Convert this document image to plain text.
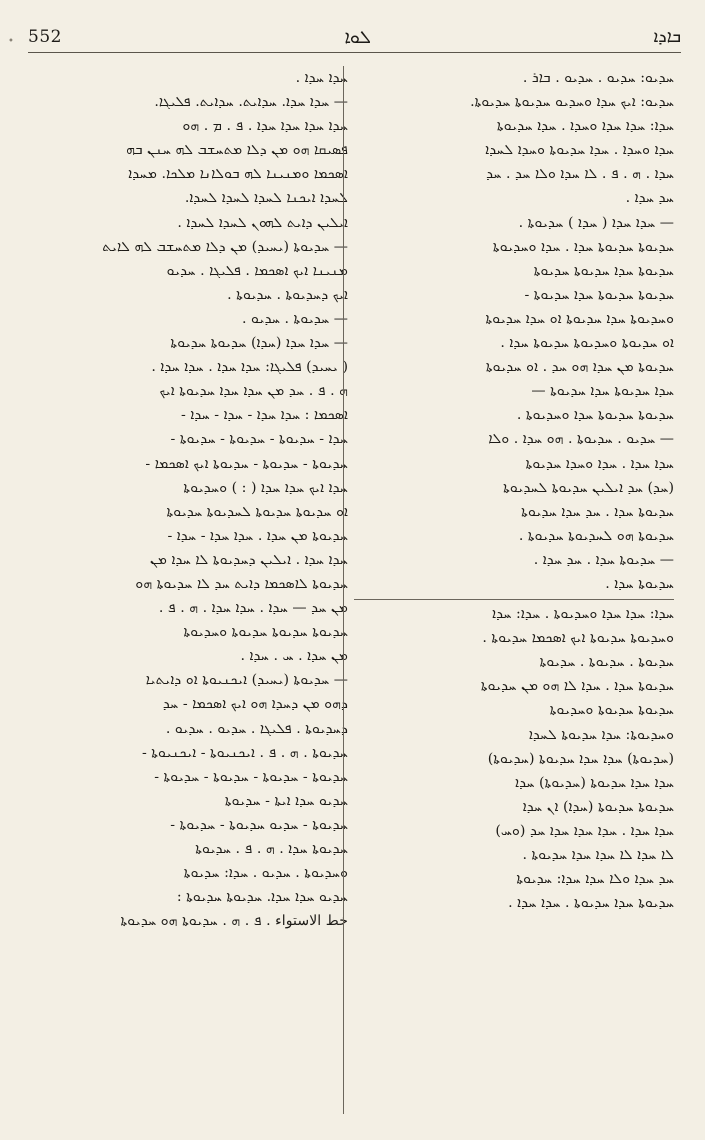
• 552	ܠܘܐ	ܒܐܕܐ
ܚܕܐ ܚܕܐ .
— ܚܕܐ ܚܕܐ. ܚܕܐܝܬ. ܚܕܐܝܬ. ܦܠܝܓܐ.
ܚܕܐ ܚܕܐ ܚܕܐ ܚܕܐ . ܦ . ܡ . ܗܘ
ܦܣܝܩܐ ܗܘ ܡܢ ܕܠܐ ܡܬܚܫܒ ܠܗ ܚܢܢ ܒܗ
ܐܣܟܡܐ ܘܡܢܝܢܐ ܠܗ ܒܘܠܐܢܐ ܡܠܟܐ. ܡܚܕܐ
ܠܚܕܐ ܐܝܟܢܐ ܠܚܕܐ ܠܚܕܐ ܠܚܕܐ.
ܐܝܠܝܢ ܕܐܝܬ ܠܗܘܢ ܠܚܕܐ ܠܚܕܐ .
— ܚܕܝܘܬܐ (ܝܚܝܕ) ܡܢ ܕܠܐ ܡܬܚܫܒ ܠܗ ܠܐܝܬ
ܡܢܝܢܐ ܐܝܟ ܐܣܟܡܐ . ܦܠܝܓܐ . ܚܕܝܘ
ܐܝܟ ܕܚܕܝܘܬܐ . ܚܕܝܘܬܐ .
— ܚܕܝܘܬܐ . ܚܕܝܘ .
— ܚܕܐ ܚܕܐ (ܚܕܐ) ܚܕܝܘܬܐ ܚܕܝܘܬܐ
( ܝܚܝܕ) ܦܠܝܓܐ: ܚܕܐ ܚܕܐ . ܚܕܐ ܚܕܐ .
ܗ . ܦ . ܚܕ ܡܢ ܚܕܐ ܚܕܐ ܚܕܝܘܬܐ ܐܝܟ
ܐܣܟܡܐ : ܚܕܐ ܚܕܐ - ܚܕܐ - ܚܕܐ -
ܚܕܐ - ܚܕܝܘܬܐ - ܚܕܝܘܬܐ - ܚܕܝܘܬܐ -
ܚܕܝܘܬܐ - ܚܕܝܘܬܐ - ܚܕܝܘܬܐ ܐܝܟ ܐܣܟܡܐ -
ܚܕܐ ܐܝܟ ܚܕܐ ܚܕܐ ( : ) ܘܚܕܝܘܬܐ
ܐܘ ܚܕܝܘܬܐ ܚܕܝܘܬܐ ܠܚܕܝܘܬܐ ܚܕܝܘܬܐ
ܚܕܝܘܬܐ ܡܢ ܚܕܐ . ܚܕܐ ܚܕܐ - ܚܕܐ -
ܚܕܐ ܚܕܐ . ܐܝܠܝܢ ܕܚܕܝܘܬܐ ܠܐ ܚܕܐ ܡܢ
ܚܕܝܘܬܐ ܠܐܣܟܡܐ ܕܐܝܬ ܚܕ ܠܐ ܚܕܝܘܬܐ ܗܘ
ܡܢ ܚܕ — ܚܕܐ . ܚܕܐ ܚܕܐ . ܗ . ܦ .
ܚܕܝܘܬܐ ܚܕܝܘܬܐ ܚܕܝܘܬܐ ܘܚܕܝܘܬܐ
ܡܢ ܚܕܐ . ܚ . ܚܕܐ .
— ܚܕܝܘܬܐ (ܝܚܝܕ) ܐܝܟܢܝܘܬܐ ܐܘ ܕܐܝܬܝܐ
ܕܗܘ ܡܢ ܕܚܕܐ ܗܘ ܐܝܟ ܐܣܟܡܐ - ܚܕ
ܕܚܕܝܘܬܐ . ܦܠܝܓܐ . ܚܕܝܘ . ܚܕܝܘ .
ܚܕܝܘܬܐ . ܗ . ܦ . ܐܝܟܢܝܘܬܐ - ܐܝܟܢܝܘܬܐ -
ܚܕܝܘܬܐ - ܚܕܝܘܬܐ - ܚܕܝܘܬܐ - ܚܕܝܘܬܐ -
ܚܕܝܘ ܚܕܐ ܐܝܬܐ - ܚܕܝܘܬܐ
ܚܕܝܘܬܐ - ܚܕܝܘ ܚܕܝܘܬܐ - ܚܕܝܘܬܐ -
ܚܕܝܘܬܐ ܚܕܐ . ܗ . ܦ . ܚܕܝܘܬܐ
ܘܚܕܝܘܬܐ . ܚܕܝܘ . ܚܕܐ: ܚܕܝܘܬܐ
ܚܕܝܘ ܚܕܐ ܚܕܐ. ܚܕܝܘܬܐ ܚܕܝܘܬܐ :
خط الاستواء . ܦ . ܗ . ܚܕܝܘܬܐ ܗܘ ܚܕܝܘܬܐ
ܚܕܝܘ: ܚܕܝܘ . ܚܕܝܘ . ܒܐܪ .
ܚܕܝܘ: ܐܝܟ ܚܕܐ ܘܚܕܝܘ ܚܕܝܘܬܐ ܚܕܝܘܬܐ.
ܚܕܐ: ܚܕܐ ܚܕܐ ܘܚܕܐ . ܚܕܐ ܚܕܝܘܬܐ
ܚܕܐ ܘܚܕܐ . ܚܕܐ ܚܕܝܘܬܐ ܘܚܕܐ ܠܚܕܐ
ܚܕܐ . ܗ . ܦ . ܠܐ ܚܕܐ ܘܠܐ ܚܕ . ܚܕ
ܚܕ ܚܕܐ .
— ܚܕܐ ܚܕܐ ( ܚܕܐ ) ܚܕܝܘܬܐ .
ܚܕܝܘܬܐ ܚܕܝܘܬܐ ܚܕܐ . ܚܕܐ ܘܚܕܝܘܬܐ
ܚܕܝܘܬܐ ܚܕܐ ܚܕܝܘܬܐ ܚܕܝܘܬܐ
ܚܕܝܘܬܐ ܚܕܝܘܬܐ ܚܕܐ ܚܕܝܘܬܐ -
ܘܚܕܝܘܬܐ ܚܕܐ ܚܕܝܘܬܐ ܐܘ ܚܕܐ ܚܕܝܘܬܐ
ܐܘ ܚܕܝܘܬܐ ܘܚܕܝܘܬܐ ܚܕܝܘܬܐ ܚܕܐ .
ܚܕܝܘܬܐ ܡܢ ܚܕܐ ܗܘ ܚܕ . ܐܘ ܚܕܝܘܬܐ
ܚܕܐ ܚܕܝܘܬܐ ܚܕܐ ܚܕܝܘܬܐ —
ܚܕܝܘܬܐ ܚܕܝܘܬܐ ܚܕܐ ܘܚܕܝܘܬܐ .
— ܚܕܝܘ . ܚܕܝܘܬܐ . ܗܘ ܚܕܐ . ܘܠܐ
ܚܕܐ ܚܕܐ . ܚܕܐ ܘܚܕܐ ܚܕܝܘܬܐ
(ܚܕ) ܚܕ ܐܝܠܝܢ ܚܕܝܘܬܐ ܠܚܕܝܘܬܐ
ܚܕܝܘܬܐ ܚܕܐ . ܚܕ ܚܕܐ ܚܕܝܘܬܐ
ܚܕܝܘܬܐ ܗܘ ܠܚܕܝܘܬܐ ܚܕܝܘܬܐ .
— ܚܕܝܘܬܐ ܚܕܐ . ܚܕ ܚܕܐ .
ܚܕܝܘܬܐ ܚܕܐ .
ܚܕܐ: ܚܕܐ ܚܕܐ ܘܚܕܝܘܬܐ . ܚܕܐ: ܚܕܐ
ܘܚܕܝܘܬܐ ܚܕܝܘܬܐ ܐܝܟ ܐܣܟܡܐ ܚܕܝܘܬܐ .
ܚܕܝܘܬܐ . ܚܕܝܘܬܐ . ܚܕܝܘܬܐ
ܚܕܝܘܬܐ ܚܕܐ . ܚܕܐ ܠܐ ܗܘ ܡܢ ܚܕܝܘܬܐ
ܚܕܝܘܬܐ ܚܕܝܘܬܐ ܘܚܕܝܘܬܐ
ܘܚܕܝܘܬܐ: ܚܕܐ ܚܕܝܘܬܐ ܠܚܕܐ
(ܚܕܝܘܬܐ) ܚܕܐ ܚܕܐ ܚܕܝܘܬܐ (ܚܕܝܘܬܐ)
ܚܕܐ ܚܕܐ ܚܕܝܘܬܐ (ܚܕܝܘܬܐ) ܚܕܐ
ܚܕܝܘܬܐ ܚܕܝܘܬܐ (ܚܕܐ) ܐܢ ܚܕܐ
ܚܕܐ ܚܕܐ . ܚܕܐ ܚܕܐ ܚܕܐ ܚܕ (ܘܚ)
ܠܐ ܚܕܐ ܠܐ ܚܕܐ ܚܕܐ ܚܕܝܘܬܐ .
ܚܕ ܚܕܐ ܘܠܐ ܚܕܐ ܚܕܐ: ܚܕܝܘܬܐ
ܚܕܝܘܬܐ ܚܕܐ ܚܕܝܘܬܐ . ܚܕܐ ܚܕܐ .
